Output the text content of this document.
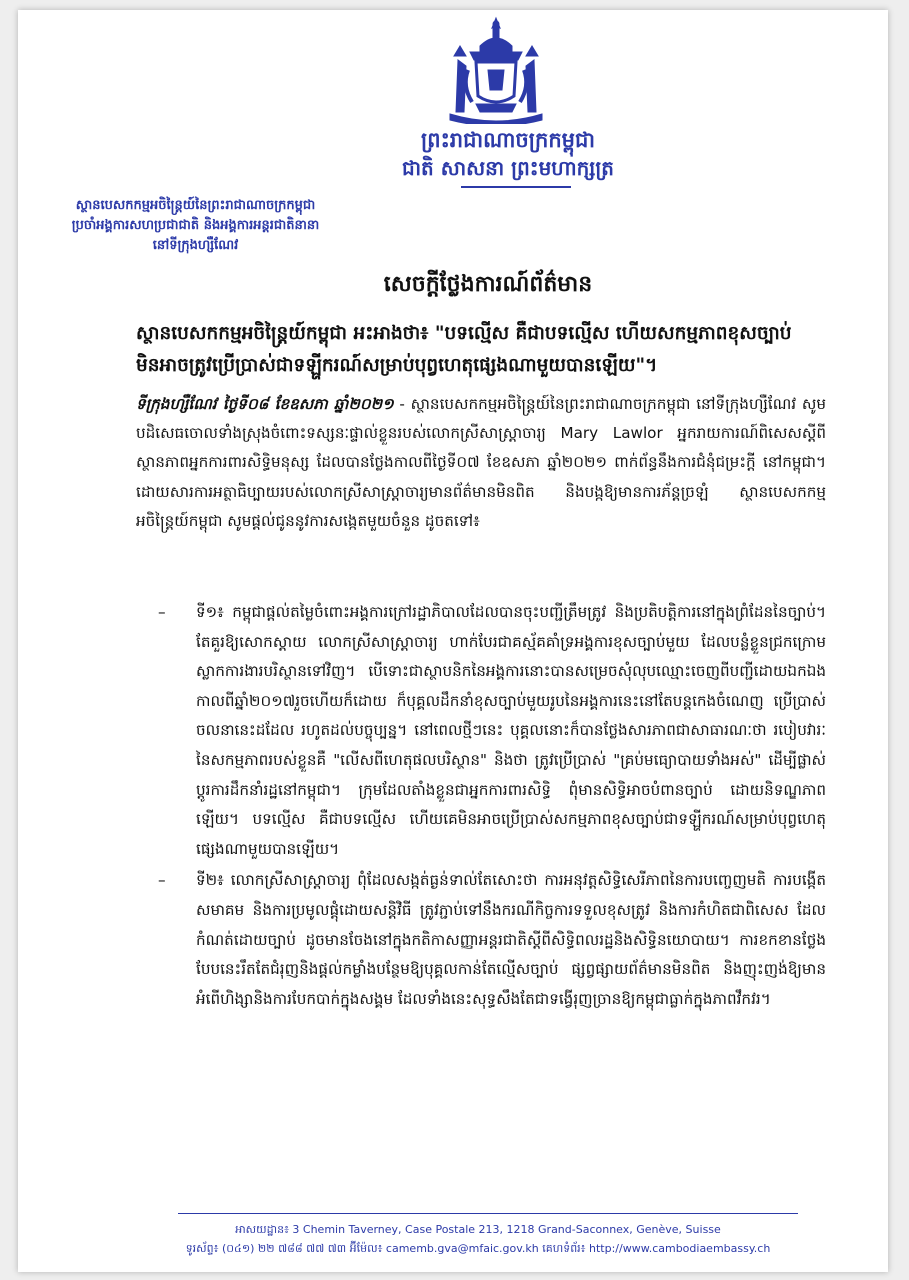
ព្រះរាជាណាចក្រកម្ពុជា
ជាតិ សាសនា ព្រះមហាក្សត្រ
ស្ថានបេសកកម្មអចិន្ត្រៃយ៍នៃព្រះរាជាណាចក្រកម្ពុជា
ប្រចាំអង្គការសហប្រជាជាតិ និងអង្គការអន្តរជាតិនានា
នៅទីក្រុងហ្សឺណែវ
សេចក្តីថ្លែងការណ៍ព័ត៌មាន
ស្ថានបេសកកម្មអចិន្ត្រៃយ៍កម្ពុជា អះអាងថា៖ "បទល្មើស គឺជាបទល្មើស ហើយសកម្មភាពខុសច្បាប់
មិនអាចត្រូវប្រើប្រាស់ជាទឡ្ហីករណ៍សម្រាប់បុព្វហេតុផ្សេងណាមួយបានឡើយ"។
ទីក្រុងហ្សឺណែវ ថ្ងៃទី០៨ ខែឧសភា ឆ្នាំ២០២១ - ស្ថានបេសកកម្មអចិន្ត្រៃយ៍នៃព្រះរាជាណាចក្រកម្ពុជា នៅទីក្រុងហ្សឺណែវ សូមបដិសេធចោលទាំងស្រុងចំពោះទស្សនៈផ្ទាល់ខ្លួនរបស់លោកស្រីសាស្ត្រាចារ្យ Mary Lawlor អ្នករាយការណ៍ពិសេសស្តីពី ស្ថានភាពអ្នកការពារសិទ្ធិមនុស្ស ដែលបានថ្លែងកាលពីថ្ងៃទី០៧ ខែឧសភា ឆ្នាំ២០២១ ពាក់ព័ន្ធនឹងការជំនុំជម្រះក្តី នៅកម្ពុជា។ ដោយសារការអត្ថាធិប្បាយរបស់លោកស្រីសាស្ត្រាចារ្យមានព័ត៌មានមិនពិត និងបង្កឱ្យមានការភ័ន្តច្រឡំ ស្ថានបេសកកម្មអចិន្ត្រៃយ៍កម្ពុជា សូមផ្តល់ជូននូវការសង្កេតមួយចំនួន ដូចតទៅ៖
– ទី១៖ កម្ពុជាផ្តល់តម្លៃចំពោះអង្គការក្រៅរដ្ឋាភិបាលដែលបានចុះបញ្ជីត្រឹមត្រូវ និងប្រតិបត្តិការនៅក្នុងព្រំដែននៃច្បាប់។ តែគួរឱ្យសោកស្តាយ លោកស្រីសាស្ត្រាចារ្យ ហាក់បែរជាគស្ម័គគាំទ្រអង្គការខុសច្បាប់មួយ ដែលបន្លំខ្លួនជ្រកក្រោមស្លាកការងារបរិស្ថានទៅវិញ។ បើទោះជាស្ថាបនិកនៃអង្គការនោះបានសម្រេចសុំលុបឈ្មោះចេញពីបញ្ជីដោយឯកឯងកាលពីឆ្នាំ២០១៧រួចហើយក៏ដោយ ក៏បុគ្គលដឹកនាំខុសច្បាប់មួយរូបនៃអង្គការនេះនៅតែបន្តកេងចំណេញ ប្រើប្រាស់ចលនានេះដដែល រហូតដល់បច្ចុប្បន្ន។ នៅពេលថ្មីៗនេះ បុគ្គលនោះក៏បានថ្លែងសារភាពជាសាធារណៈថា របៀបវារៈនៃសកម្មភាពរបស់ខ្លួនគឺ "លើសពីហេតុផលបរិស្ថាន" និងថា ត្រូវប្រើប្រាស់ "គ្រប់មធ្យោបាយទាំងអស់" ដើម្បីផ្លាស់ប្តូរការដឹកនាំរដ្ឋនៅកម្ពុជា។ ក្រុមដែលតាំងខ្លួនជាអ្នកការពារសិទ្ធិ ពុំមានសិទ្ធិអាចបំពានច្បាប់ ដោយនិទណ្ឌភាពឡើយ។ បទល្មើស គឺជាបទល្មើស ហើយគេមិនអាចប្រើប្រាស់សកម្មភាពខុសច្បាប់ជាទឡ្ហីករណ៍សម្រាប់បុព្វហេតុផ្សេងណាមួយបានឡើយ។
– ទី២៖ លោកស្រីសាស្ត្រាចារ្យ ពុំដែលសង្កត់ធ្ងន់ទាល់តែសោះថា ការអនុវត្តសិទ្ធិសេរីភាពនៃការបញ្ចេញមតិ ការបង្កើតសមាគម និងការប្រមូលផ្តុំដោយសន្តិវិធី ត្រូវភ្ជាប់ទៅនឹងករណីកិច្ចការទទួលខុសត្រូវ និងការកំហិតជាពិសេស ដែលកំណត់ដោយច្បាប់ ដូចមានចែងនៅក្នុងកតិកាសញ្ញាអន្តរជាតិស្តីពីសិទ្ធិពលរដ្ឋនិងសិទ្ធិនយោបាយ។ ការខកខានថ្លែងបែបនេះរឹតតែជំរុញនិងផ្តល់កម្លាំងបន្ថែមឱ្យបុគ្គលកាន់តែល្មើសច្បាប់ ផ្សព្វផ្សាយព័ត៌មានមិនពិត និងញុះញង់ឱ្យមានអំពើហិង្សានិងការបែកបាក់ក្នុងសង្គម ដែលទាំងនេះសុទ្ធសឹងតែជាទង្វើរុញច្រានឱ្យកម្ពុជាធ្លាក់ក្នុងភាពវឹកវរ។
អាសយដ្ឋាន៖ 3 Chemin Taverney, Case Postale 213, 1218 Grand-Saconnex, Genève, Suisse
ទូរស័ព្ទ៖ (០៤១) ២២ ៧៨៨ ៧៧ ៧៣ អ៊ីម៉ែល៖ camemb.gva@mfaic.gov.kh គេហទំព័រ៖ http://www.cambodiaembassy.ch
